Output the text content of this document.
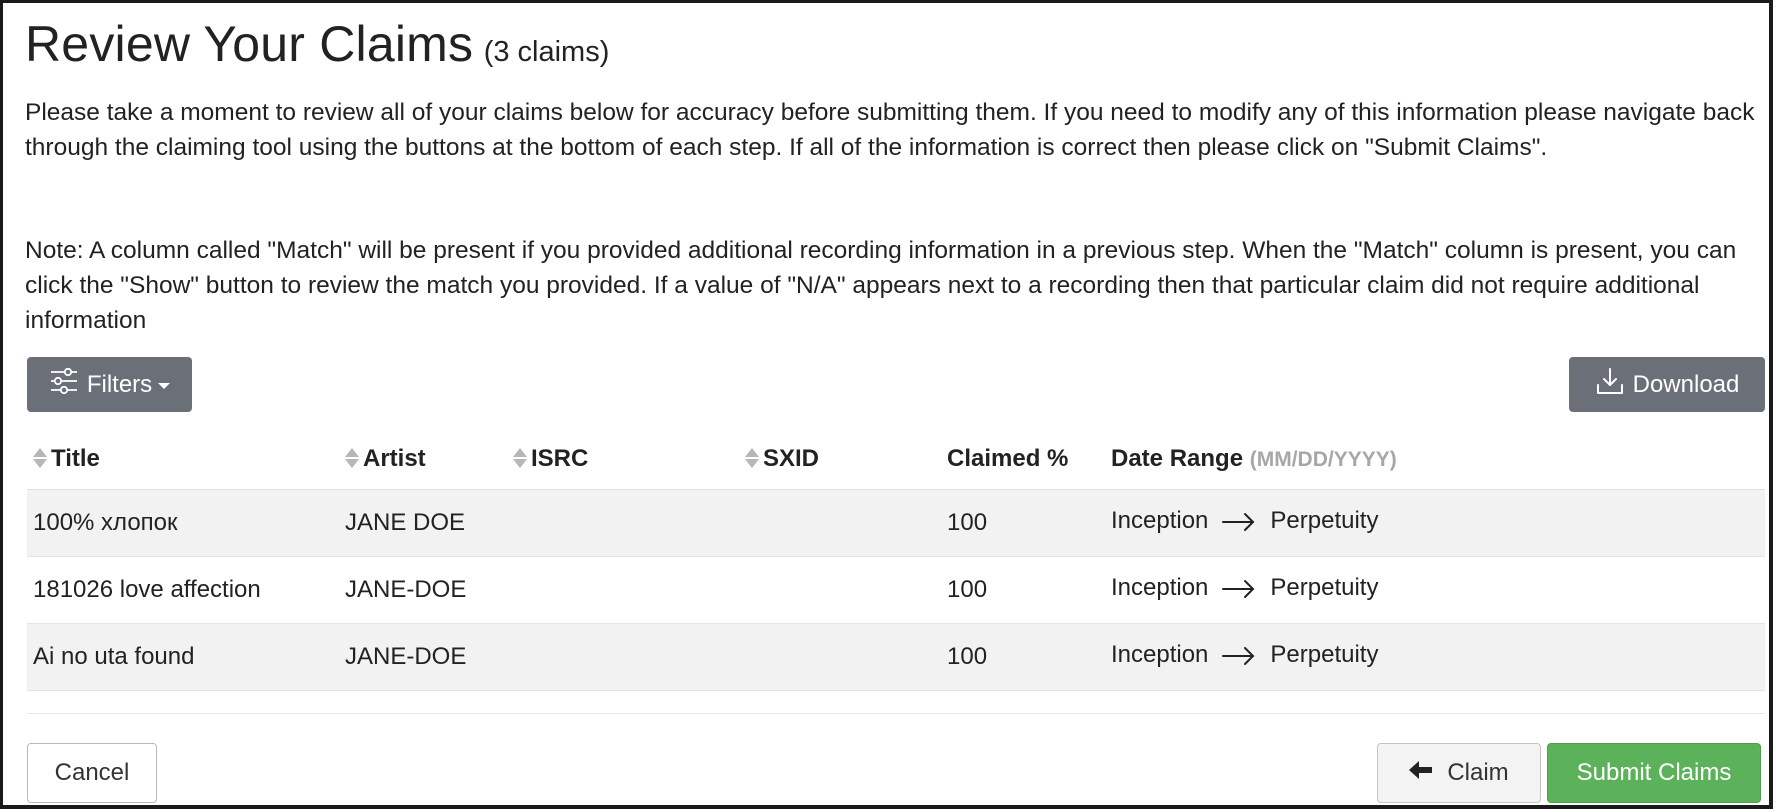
Review Your Claims (3 claims)
Please take a moment to review all of your claims below for accuracy before submitting them. If you need to modify any of this information please navigate back through the claiming tool using the buttons at the bottom of each step. If all of the information is correct then please click on "Submit Claims".
Note: A column called "Match" will be present if you provided additional recording information in a previous step. When the "Match" column is present, you can click the "Show" button to review the match you provided. If a value of "N/A" appears next to a recording then that particular claim did not require additional information
Filters	Download
Title	Artist	ISRC	SXID	Claimed %	Date Range (MM/DD/YYYY)
100% хлопок	JANE DOE			100	Inception Perpetuity
181026 love affection	JANE-DOE			100	Inception Perpetuity
Ai no uta found	JANE-DOE			100	Inception Perpetuity
Cancel	Claim	Submit Claims
